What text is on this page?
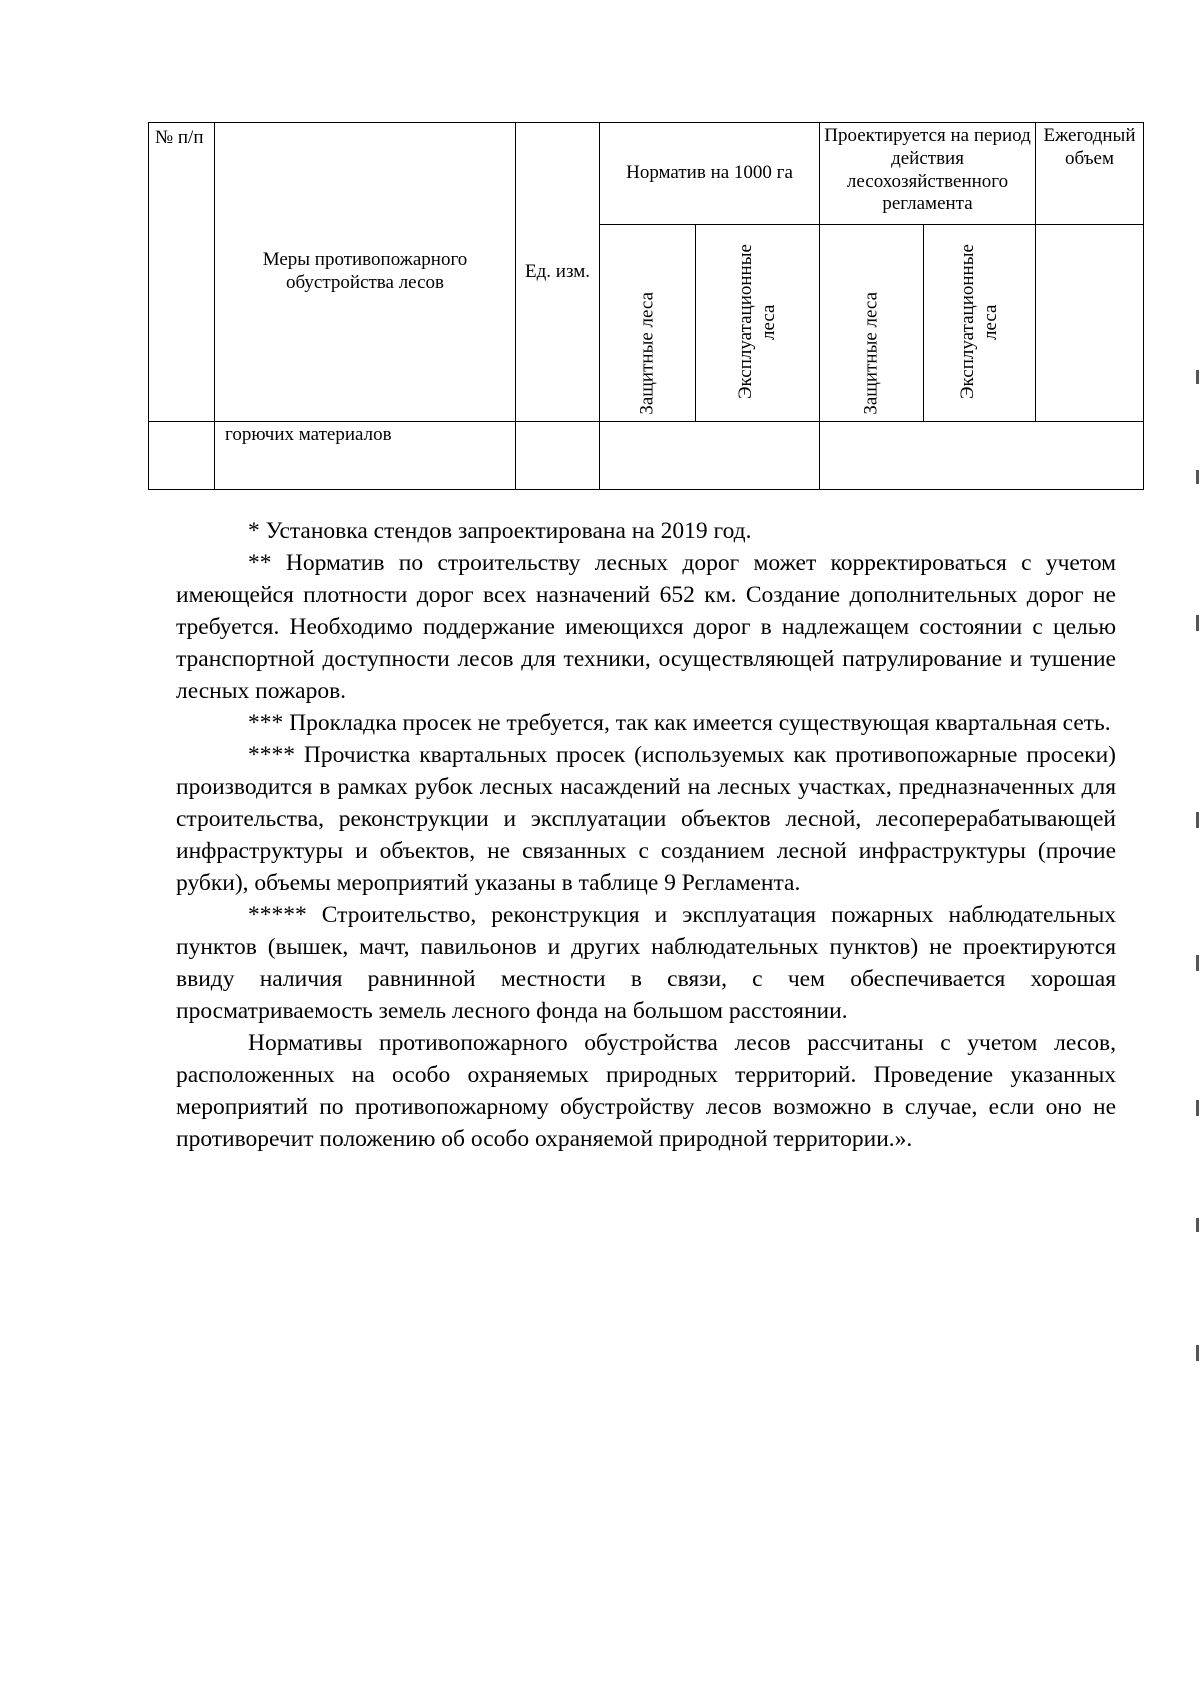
№ п/п	Меры противопожарного обустройства лесов	Ед. изм.	Норматив на 1000 га		Проектируется на период действия лесохозяйственного регламента		Ежегодный объем

			Защитные леса	Эксплуатационные леса	Защитные леса	Эксплуатационные леса	

	горючих материалов						

* Установка стендов запроектирована на 2019 год.

** Норматив по строительству лесных дорог может корректироваться с учетом имеющейся плотности дорог всех назначений 652 км. Создание дополнительных дорог не требуется. Необходимо поддержание имеющихся дорог в надлежащем состоянии с целью транспортной доступности лесов для техники, осуществляющей патрулирование и тушение лесных пожаров.

*** Прокладка просек не требуется, так как имеется существующая квартальная сеть.

**** Прочистка квартальных просек (используемых как противопожарные просеки) производится в рамках рубок лесных насаждений на лесных участках, предназначенных для строительства, реконструкции и эксплуатации объектов лесной, лесоперерабатывающей инфраструктуры и объектов, не связанных с созданием лесной инфраструктуры (прочие рубки), объемы мероприятий указаны в таблице 9 Регламента.

***** Строительство, реконструкция и эксплуатация пожарных наблюдательных пунктов (вышек, мачт, павильонов и других наблюдательных пунктов) не проектируются ввиду наличия равнинной местности в связи, с чем обеспечивается хорошая просматриваемость земель лесного фонда на большом расстоянии.

Нормативы противопожарного обустройства лесов рассчитаны с учетом лесов, расположенных на особо охраняемых природных территорий. Проведение указанных мероприятий по противопожарному обустройству лесов возможно в случае, если оно не противоречит положению об особо охраняемой природной территории.».
